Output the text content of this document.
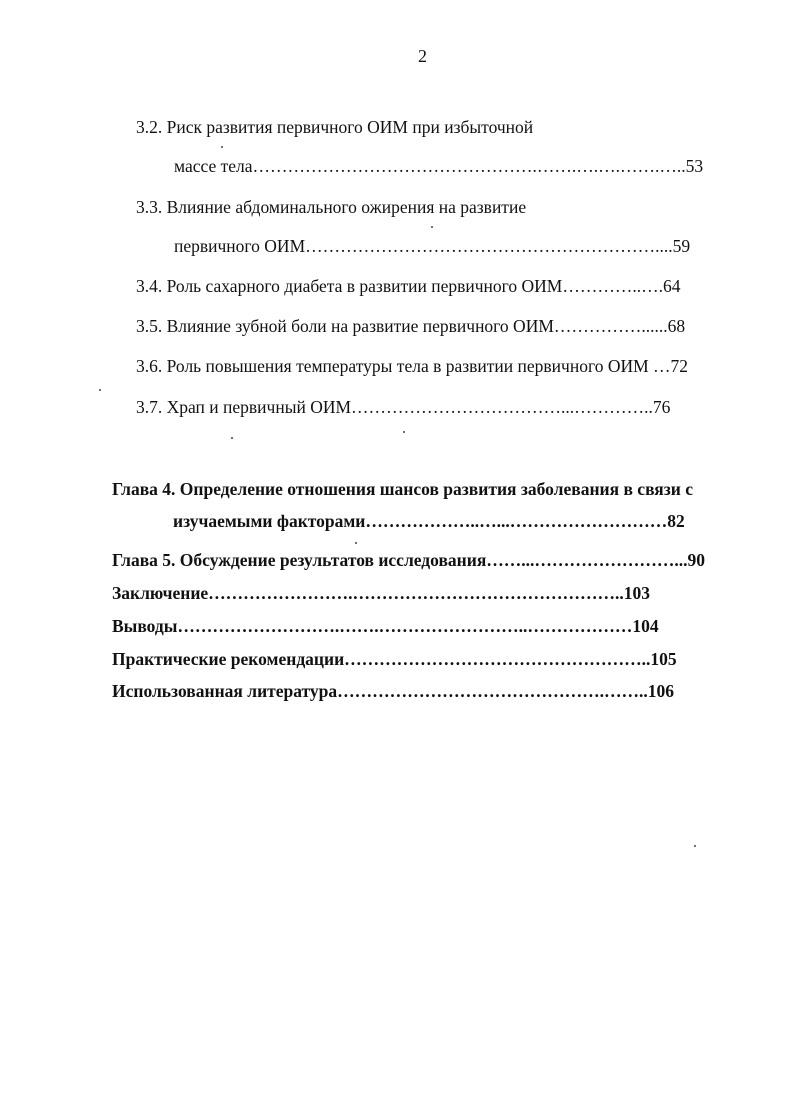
2
3.2. Риск развития первичного ОИМ при избыточной
массе тела………………………………………….…….….….…….…..53
3.3. Влияние абдоминального ожирения на развитие
первичного ОИМ……………………………………………………....59
3.4. Роль сахарного диабета в развитии первичного ОИМ…………..….64
3.5. Влияние зубной боли на развитие первичного ОИМ……………......68
3.6. Роль повышения температуры тела в развитии первичного ОИМ …72
3.7. Храп и первичный ОИМ………………………………...…………..76
Глава 4. Определение отношения шансов развития заболевания в связи с
изучаемыми факторами………………..…...………………………82
Глава 5. Обсуждение результатов исследования……...……………………...90
Заключение…………………….………………………………………..103
Выводы……………………….…….……………………..………………104
Практические рекомендации……………………………………………..105
Использованная литература……………………………………….……..106
